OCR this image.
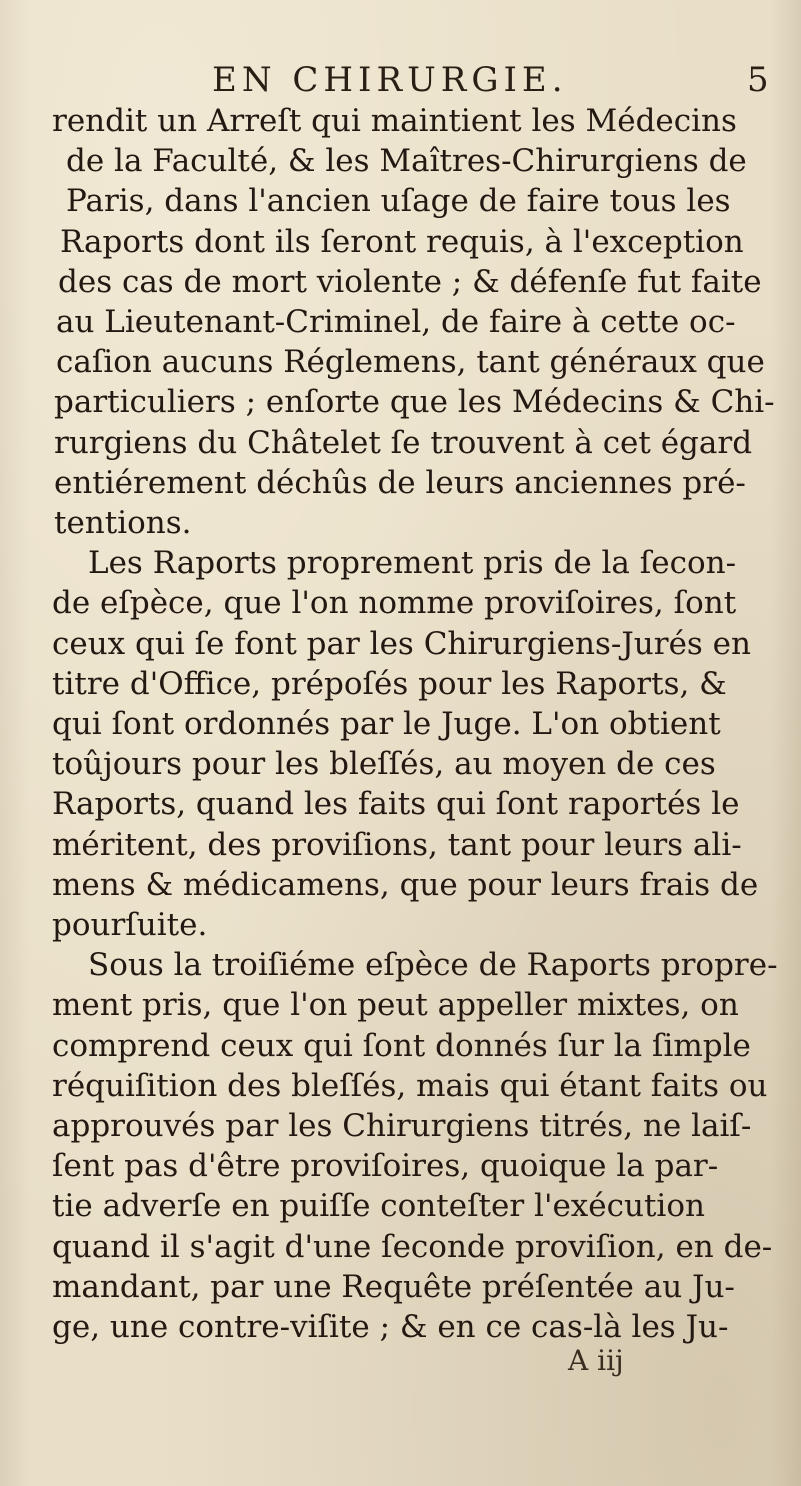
EN CHIRURGIE.	5
rendit un Arreſt qui maintient les Médecins
de la Faculté, & les Maîtres-Chirurgiens de
Paris, dans l'ancien uſage de faire tous les
Raports dont ils ſeront requis, à l'exception
des cas de mort violente ; & défenſe fut faite
au Lieutenant-Criminel, de faire à cette oc-
caſion aucuns Réglemens, tant généraux que
particuliers ; enſorte que les Médecins & Chi-
rurgiens du Châtelet ſe trouvent à cet égard
entiérement déchûs de leurs anciennes pré-
tentions.
Les Raports proprement pris de la ſecon-
de eſpèce, que l'on nomme proviſoires, ſont
ceux qui ſe font par les Chirurgiens-Jurés en
titre d'Office, prépoſés pour les Raports, &
qui ſont ordonnés par le Juge. L'on obtient
toûjours pour les bleſſés, au moyen de ces
Raports, quand les faits qui ſont raportés le
méritent, des proviſions, tant pour leurs ali-
mens & médicamens, que pour leurs frais de
pourſuite.
Sous la troiſiéme eſpèce de Raports propre-
ment pris, que l'on peut appeller mixtes, on
comprend ceux qui ſont donnés ſur la ſimple
réquiſition des bleſſés, mais qui étant faits ou
approuvés par les Chirurgiens titrés, ne laiſ-
ſent pas d'être proviſoires, quoique la par-
tie adverſe en puiſſe conteſter l'exécution
quand il s'agit d'une ſeconde proviſion, en de-
mandant, par une Requête préſentée au Ju-
ge, une contre-viſite ; & en ce cas-là les Ju-
A iij
